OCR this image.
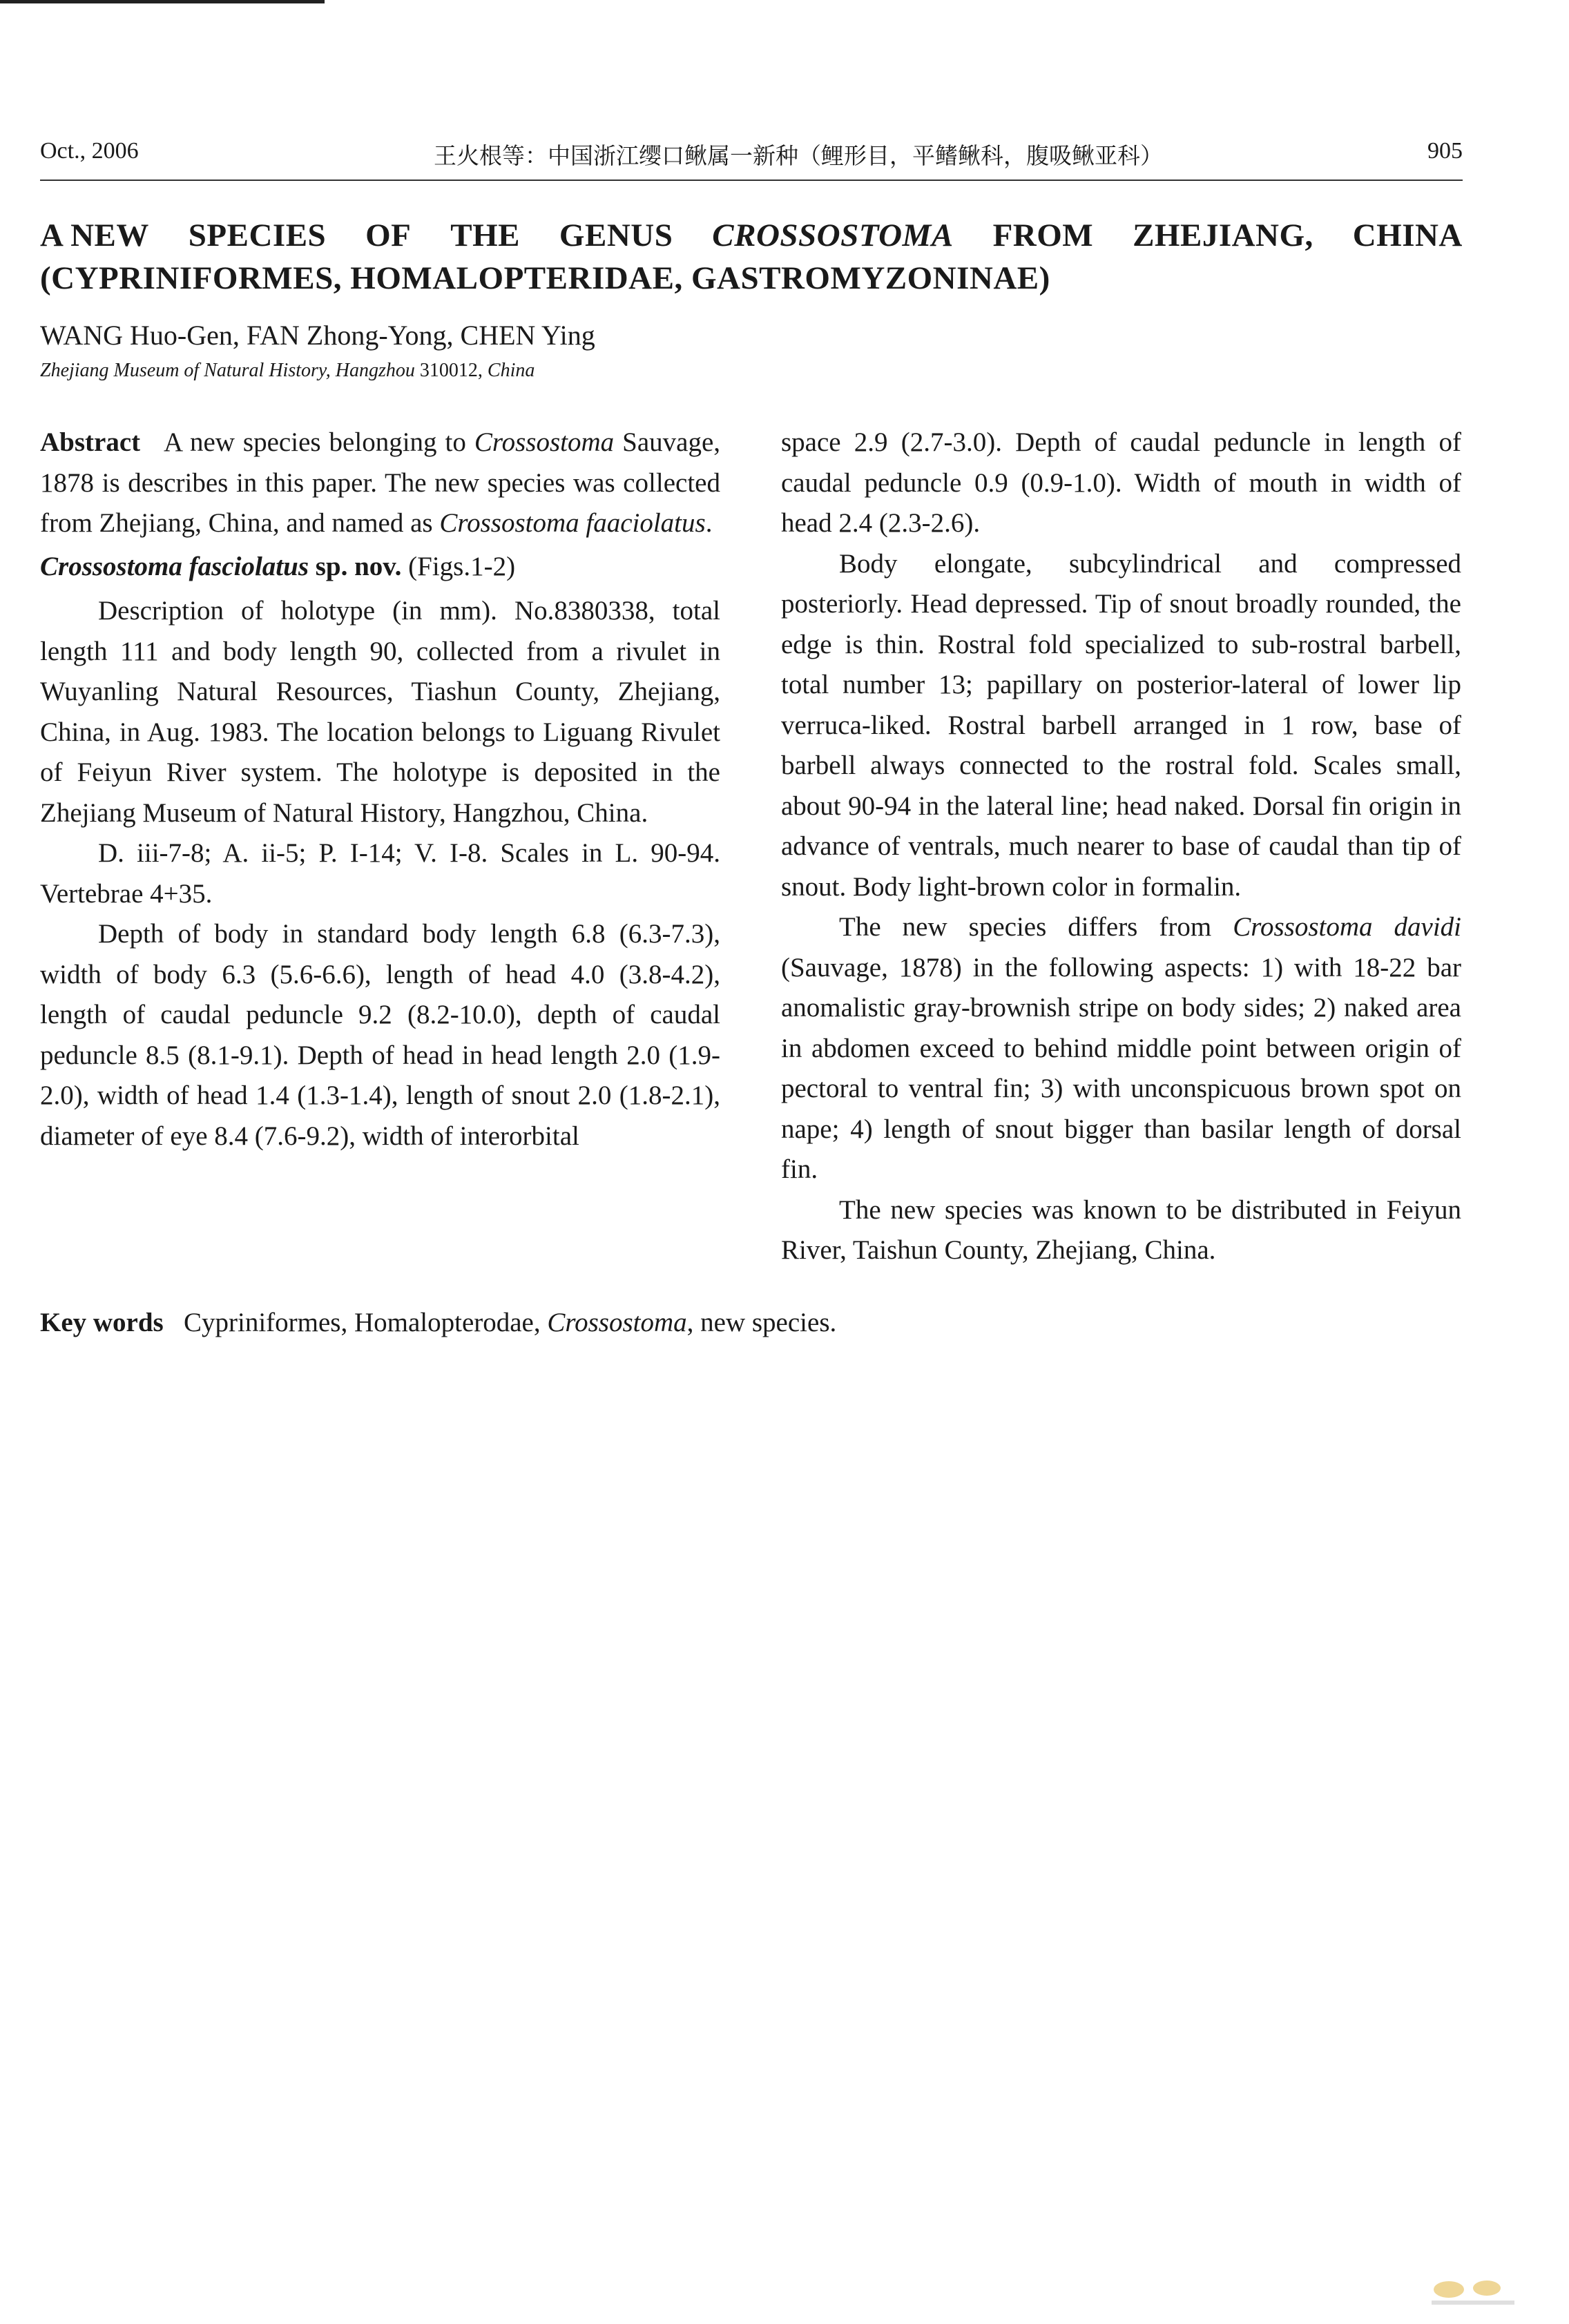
Oct., 2006	王火根等：中国浙江缨口鳅属一新种（鲤形目，平鳍鳅科，腹吸鳅亚科）	905
A NEW SPECIES OF THE GENUS CROSSOSTOMA FROM ZHEJIANG, CHINA
(CYPRINIFORMES, HOMALOPTERIDAE, GASTROMYZONINAE)
WANG Huo-Gen, FAN Zhong-Yong, CHEN Ying
Zhejiang Museum of Natural History, Hangzhou 310012, China

Abstract A new species belonging to Crossostoma Sauvage, 1878 is describes in this paper. The new species was collected from Zhejiang, China, and named as Crossostoma faaciolatus.

Crossostoma fasciolatus sp. nov. (Figs.1-2)

Description of holotype (in mm). No.8380338, total length 111 and body length 90, collected from a rivulet in Wuyanling Natural Resources, Tiashun County, Zhejiang, China, in Aug. 1983. The location belongs to Liguang Rivulet of Feiyun River system. The holotype is deposited in the Zhejiang Museum of Natural History, Hangzhou, China.

D. iii-7-8; A. ii-5; P. I-14; V. I-8. Scales in L. 90-94. Vertebrae 4+35.

Depth of body in standard body length 6.8 (6.3-7.3), width of body 6.3 (5.6-6.6), length of head 4.0 (3.8-4.2), length of caudal peduncle 9.2 (8.2-10.0), depth of caudal peduncle 8.5 (8.1-9.1). Depth of head in head length 2.0 (1.9-2.0), width of head 1.4 (1.3-1.4), length of snout 2.0 (1.8-2.1), diameter of eye 8.4 (7.6-9.2), width of interorbital

space 2.9 (2.7-3.0). Depth of caudal peduncle in length of caudal peduncle 0.9 (0.9-1.0). Width of mouth in width of head 2.4 (2.3-2.6).

Body elongate, subcylindrical and compressed posteriorly. Head depressed. Tip of snout broadly rounded, the edge is thin. Rostral fold specialized to sub-rostral barbell, total number 13; papillary on posterior-lateral of lower lip verruca-liked. Rostral barbell arranged in 1 row, base of barbell always connected to the rostral fold. Scales small, about 90-94 in the lateral line; head naked. Dorsal fin origin in advance of ventrals, much nearer to base of caudal than tip of snout. Body light-brown color in formalin.

The new species differs from Crossostoma davidi (Sauvage, 1878) in the following aspects: 1) with 18-22 bar anomalistic gray-brownish stripe on body sides; 2) naked area in abdomen exceed to behind middle point between origin of pectoral to ventral fin; 3) with unconspicuous brown spot on nape; 4) length of snout bigger than basilar length of dorsal fin.

The new species was known to be distributed in Feiyun River, Taishun County, Zhejiang, China.

Key words Cypriniformes, Homalopterodae, Crossostoma, new species.
